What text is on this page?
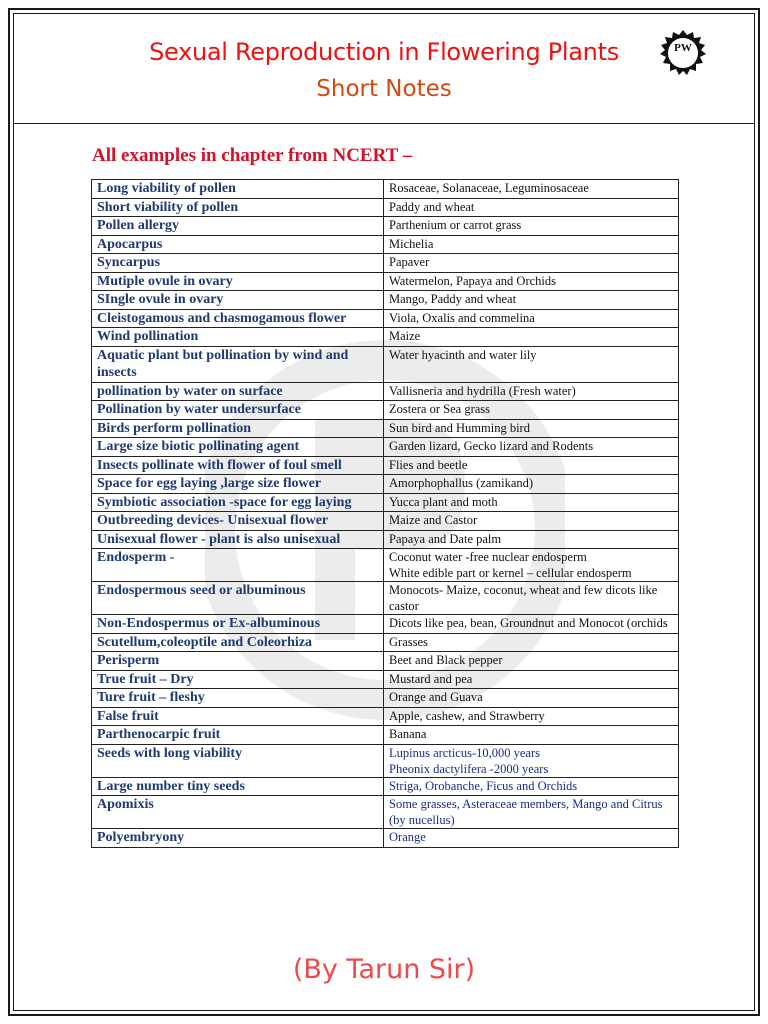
Sexual Reproduction in Flowering Plants
Short Notes
PW
All examples in chapter from NCERT –
Long viability of pollen	Rosaceae, Solanaceae, Leguminosaceae

Short viability of pollen	Paddy and wheat

Pollen allergy	Parthenium or carrot grass

Apocarpus	Michelia

Syncarpus	Papaver

Mutiple ovule in ovary	Watermelon, Papaya and Orchids

SIngle ovule in ovary	Mango, Paddy and wheat

Cleistogamous and chasmogamous flower	Viola, Oxalis and commelina

Wind pollination	Maize

Aquatic plant but pollination by wind and insects	Water hyacinth and water lily

pollination by water on surface	Vallisneria and hydrilla (Fresh water)

Pollination by water undersurface	Zostera or Sea grass

Birds perform pollination	Sun bird and Humming bird

Large size biotic pollinating agent	Garden lizard, Gecko lizard and Rodents

Insects pollinate with flower of foul smell	Flies and beetle

Space for egg laying ,large size flower	Amorphophallus (zamikand)

Symbiotic association -space for egg laying	Yucca plant and moth

Outbreeding devices- Unisexual flower	Maize and Castor

Unisexual flower - plant is also unisexual	Papaya and Date palm

Endosperm -	Coconut water -free nuclear endosperm
White edible part or kernel – cellular endosperm

Endospermous seed or albuminous	Monocots- Maize, coconut, wheat and few dicots like castor

Non-Endospermus or Ex-albuminous	Dicots like pea, bean, Groundnut and Monocot (orchids

Scutellum,coleoptile and Coleorhiza	Grasses

Perisperm	Beet and Black pepper

True fruit – Dry	Mustard and pea

Ture fruit – fleshy	Orange and Guava

False fruit	Apple, cashew, and Strawberry

Parthenocarpic fruit	Banana

Seeds with long viability	Lupinus arcticus-10,000 years
Pheonix dactylifera -2000 years

Large number tiny seeds	Striga, Orobanche, Ficus and Orchids

Apomixis	Some grasses, Asteraceae members, Mango and Citrus (by nucellus)

Polyembryony	Orange
(By Tarun Sir)
